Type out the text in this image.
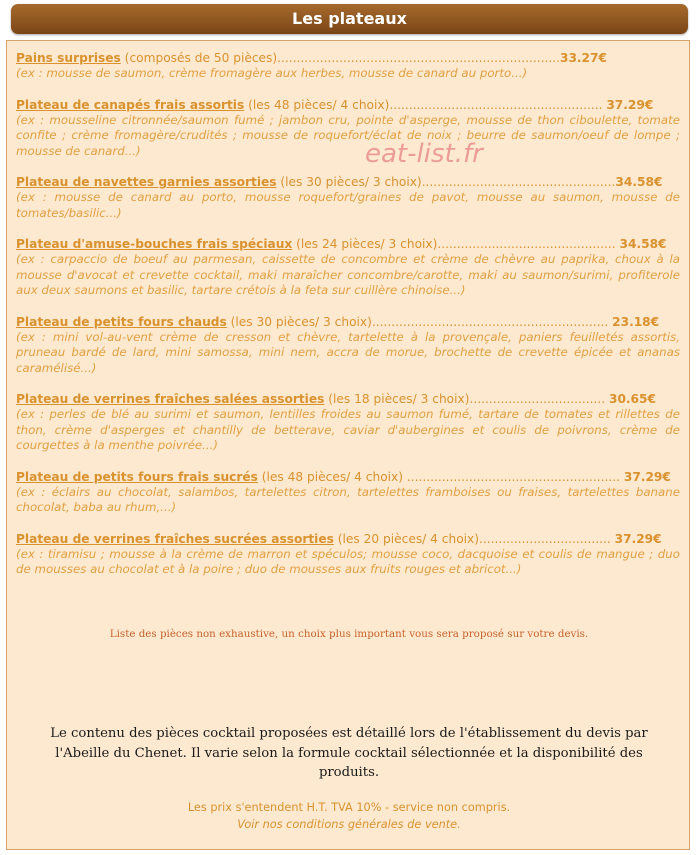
Les plateaux
Pains surprises (composés de 50 pièces).........................................................................33.27€
(ex : mousse de saumon, crème fromagère aux herbes, mousse de canard au porto...)
Plateau de canapés frais assortis (les 48 pièces/ 4 choix)....................................................... 37.29€
(ex : mousseline citronnée/saumon fumé ; jambon cru, pointe d'asperge, mousse de thon ciboulette, tomate confite ; crème fromagère/crudités ; mousse de roquefort/éclat de noix ; beurre de saumon/oeuf de lompe ; mousse de canard...)
Plateau de navettes garnies assorties (les 30 pièces/ 3 choix)..................................................34.58€
(ex : mousse de canard au porto, mousse roquefort/graines de pavot, mousse au saumon, mousse de tomates/basilic...)
Plateau d'amuse-bouches frais spéciaux (les 24 pièces/ 3 choix).............................................. 34.58€
(ex : carpaccio de boeuf au parmesan, caissette de concombre et crème de chèvre au paprika, choux à la mousse d'avocat et crevette cocktail, maki maraîcher concombre/carotte, maki au saumon/surimi, profiterole aux deux saumons et basilic, tartare crétois à la feta sur cuillère chinoise...)
Plateau de petits fours chauds (les 30 pièces/ 3 choix)............................................................. 23.18€
(ex : mini vol-au-vent crème de cresson et chèvre, tartelette à la provençale, paniers feuilletés assortis, pruneau bardé de lard, mini samossa, mini nem, accra de morue, brochette de crevette épicée et ananas caramélisé...)
Plateau de verrines fraîches salées assorties (les 18 pièces/ 3 choix)................................... 30.65€
(ex : perles de blé au surimi et saumon, lentilles froides au saumon fumé, tartare de tomates et rillettes de thon, crème d'asperges et chantilly de betterave, caviar d'aubergines et coulis de poivrons, crème de courgettes à la menthe poivrée...)
Plateau de petits fours frais sucrés (les 48 pièces/ 4 choix) ....................................................... 37.29€
(ex : éclairs au chocolat, salambos, tartelettes citron, tartelettes framboises ou fraises, tartelettes banane chocolat, baba au rhum,...)
Plateau de verrines fraîches sucrées assorties (les 20 pièces/ 4 choix).................................. 37.29€
(ex : tiramisu ; mousse à la crème de marron et spéculos; mousse coco, dacquoise et coulis de mangue ; duo de mousses au chocolat et à la poire ; duo de mousses aux fruits rouges et abricot...)
eat-list.fr
Liste des pièces non exhaustive, un choix plus important vous sera proposé sur votre devis.
Le contenu des pièces cocktail proposées est détaillé lors de l'établissement du devis par l'Abeille du Chenet. Il varie selon la formule cocktail sélectionnée et la disponibilité des produits.
Les prix s'entendent H.T. TVA 10% - service non compris.
Voir nos conditions générales de vente.
